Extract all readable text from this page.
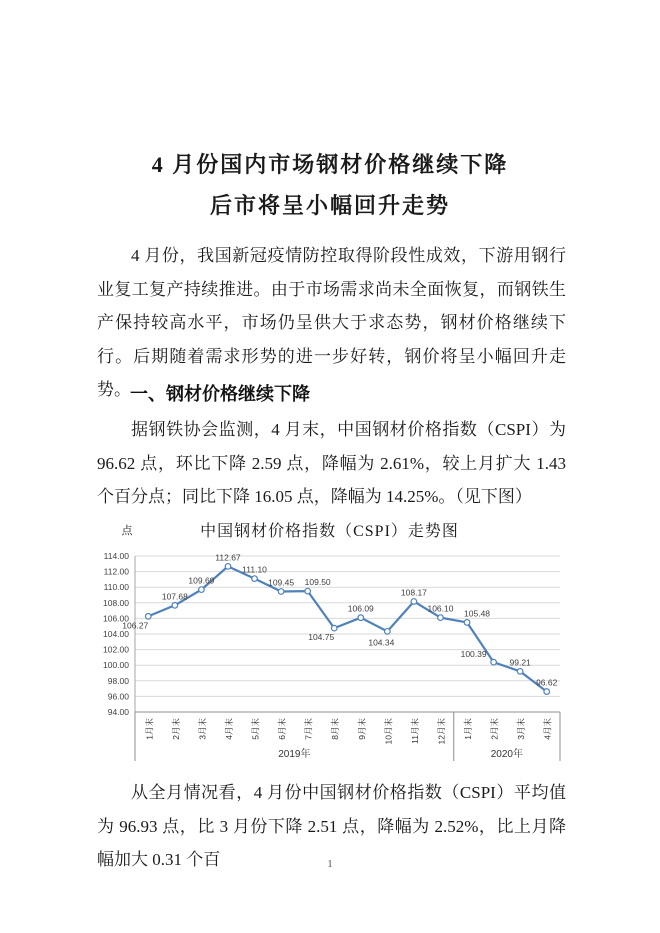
4 月份国内市场钢材价格继续下降
后市将呈小幅回升走势

4 月份，我国新冠疫情防控取得阶段性成效，下游用钢行业复工复产持续推进。由于市场需求尚未全面恢复，而钢铁生产保持较高水平，市场仍呈供大于求态势，钢材价格继续下行。后期随着需求形势的进一步好转，钢价将呈小幅回升走势。 一、钢材价格继续下降

据钢铁协会监测，4 月末，中国钢材价格指数（CSPI）为 96.62 点，环比下降 2.59 点，降幅为 2.61%，较上月扩大 1.43 个百分点；同比下降 16.05 点，降幅为 14.25%。（见下图）

点	中国钢材价格指数（CSPI）走势图
114.00
112.00
110.00
108.00
106.00
104.00
102.00
100.00
98.00
96.00
94.00
1月末 2月末 3月末 4月末 5月末 6月末 7月末 8月末 9月末 10月末 11月末 12月末 1月末 2月末 3月末 4月末
2019年	2020年
106.27
107.68
109.69
112.67
111.10
109.45 109.50
104.75
106.09
104.34
108.17
106.10 105.48
100.39
99.21
96.62

从全月情况看，4 月份中国钢材价格指数（CSPI）平均值为 96.93 点，比 3 月份下降 2.51 点，降幅为 2.52%，比上月降幅加大 0.31 个百	1
